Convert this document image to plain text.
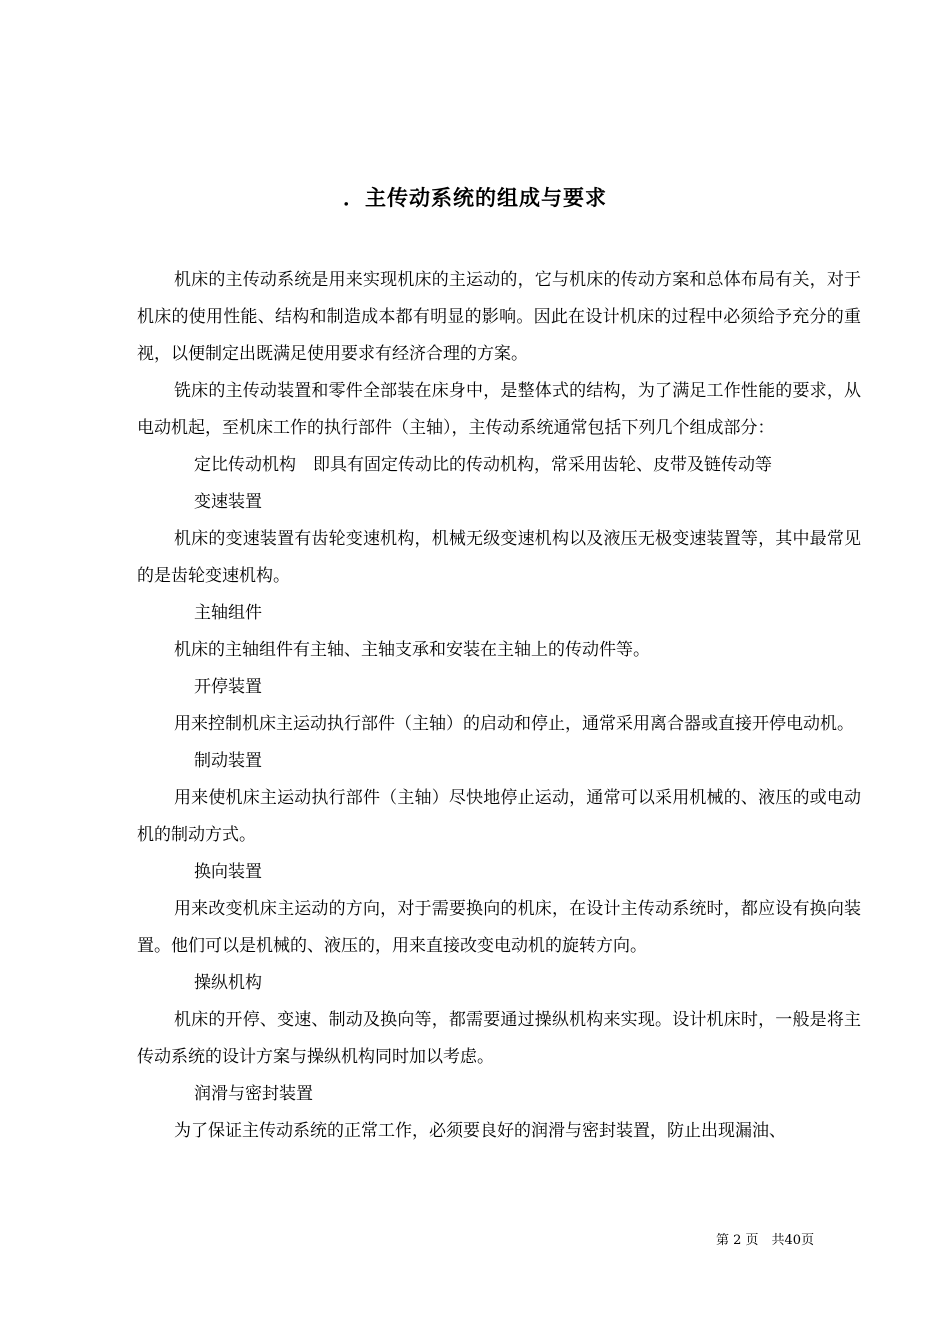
．主传动系统的组成与要求

机床的主传动系统是用来实现机床的主运动的，它与机床的传动方案和总体布局有关，对于机床的使用性能、结构和制造成本都有明显的影响。因此在设计机床的过程中必须给予充分的重视，以便制定出既满足使用要求有经济合理的方案。

铣床的主传动装置和零件全部装在床身中，是整体式的结构，为了满足工作性能的要求，从电动机起，至机床工作的执行部件（主轴），主传动系统通常包括下列几个组成部分：

定比传动机构　即具有固定传动比的传动机构，常采用齿轮、皮带及链传动等

变速装置

机床的变速装置有齿轮变速机构，机械无级变速机构以及液压无极变速装置等，其中最常见的是齿轮变速机构。

主轴组件

机床的主轴组件有主轴、主轴支承和安装在主轴上的传动件等。

开停装置

用来控制机床主运动执行部件（主轴）的启动和停止，通常采用离合器或直接开停电动机。

制动装置

用来使机床主运动执行部件（主轴）尽快地停止运动，通常可以采用机械的、液压的或电动机的制动方式。

换向装置

用来改变机床主运动的方向，对于需要换向的机床，在设计主传动系统时，都应设有换向装置。他们可以是机械的、液压的，用来直接改变电动机的旋转方向。

操纵机构

机床的开停、变速、制动及换向等，都需要通过操纵机构来实现。设计机床时，一般是将主传动系统的设计方案与操纵机构同时加以考虑。

润滑与密封装置

为了保证主传动系统的正常工作，必须要良好的润滑与密封装置，防止出现漏油、

第 2 页　共40页
